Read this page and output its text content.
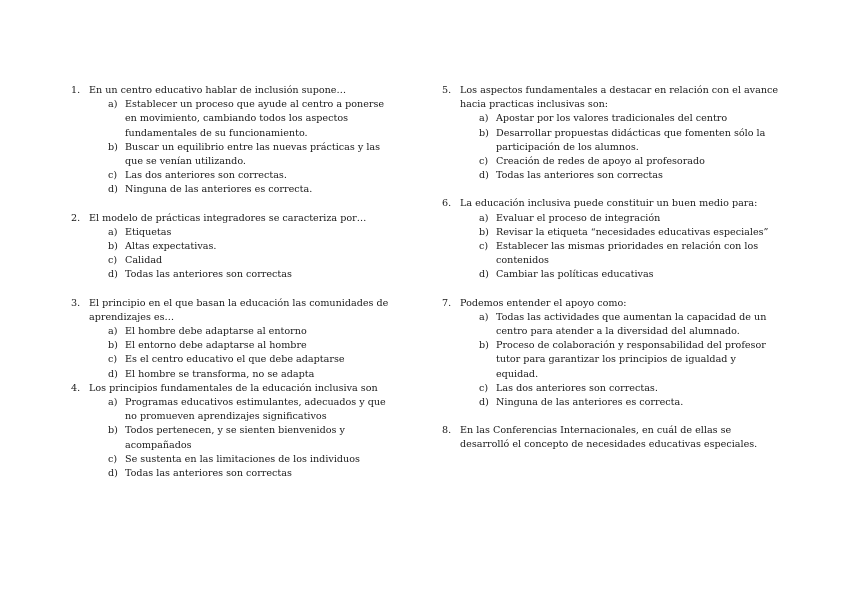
1. En un centro educativo hablar de inclusión supone…
a) Establecer un proceso que ayude al centro a ponerse en movimiento, cambiando todos los aspectos fundamentales de su funcionamiento.
b) Buscar un equilibrio entre las nuevas prácticas y las que se venían utilizando.
c) Las dos anteriores son correctas.
d) Ninguna de las anteriores es correcta.
2. El modelo de prácticas integradores se caracteriza por…
a) Etiquetas
b) Altas expectativas.
c) Calidad
d) Todas las anteriores son correctas
3. El principio en el que basan la educación las comunidades de aprendizajes es…
a) El hombre debe adaptarse al entorno
b) El entorno debe adaptarse al hombre
c) Es el centro educativo el que debe adaptarse
d) El hombre se transforma, no se adapta
4. Los principios fundamentales de la educación inclusiva son
a) Programas educativos estimulantes, adecuados y que no promueven aprendizajes significativos
b) Todos pertenecen, y se sienten bienvenidos y acompañados
c) Se sustenta en las limitaciones de los individuos
d) Todas las anteriores son correctas
5. Los aspectos fundamentales a destacar en relación con el avance hacia practicas inclusivas son:
a) Apostar por los valores tradicionales del centro
b) Desarrollar propuestas didácticas que fomenten sólo la participación de los alumnos.
c) Creación de redes de apoyo al profesorado
d) Todas las anteriores son correctas
6. La educación inclusiva puede constituir un buen medio para:
a) Evaluar el proceso de integración
b) Revisar la etiqueta “necesidades educativas especiales”
c) Establecer las mismas prioridades en relación con los contenidos
d) Cambiar las políticas educativas
7. Podemos entender el apoyo como:
a) Todas las actividades que aumentan la capacidad de un centro para atender a la diversidad del alumnado.
b) Proceso de colaboración y responsabilidad del profesor tutor para garantizar los principios de igualdad y equidad.
c) Las dos anteriores son correctas.
d) Ninguna de las anteriores es correcta.
8. En las Conferencias Internacionales, en cuál de ellas se desarrolló el concepto de necesidades educativas especiales.
